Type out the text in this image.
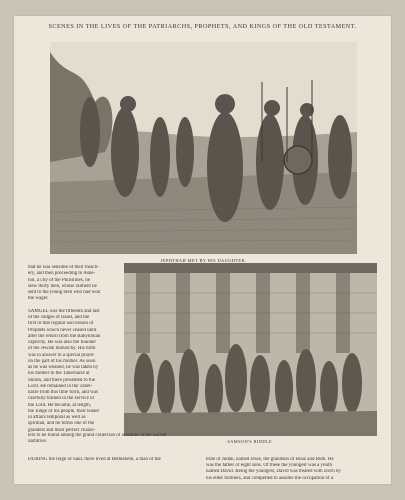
SCENES IN THE LIVES OF THE PATRIARCHS, PROPHETS, AND KINGS OF THE OLD TESTAMENT.
JEPHTHAH MET BY HIS DAUGHTER.
SAMSON'S RIDDLE.
that he was sensible of their treach-
ery, and then proceeding to Aske-
lon, a city of the Philistines, he
slew thirty men, whose raiment he
sent to the young men who had won
the wager.

SAMUEL was the fifteenth and last
of the Judges of Israel, and the
first in that regular succession of
Prophets which never ceased until
after the return from the Babylonian
captivity. He was also the founder
of the Jewish monarchy. His birth
was in answer to a special prayer
on the part of his mother. As soon
as he was weaned, he was taken by
his mother to the Tabernacle at
Shiloh, and there presented to the
Lord. He remained in the Taber-
nacle from this time forth, and was
carefully trained in the service of
the Lord. He became, at length,
the Judge of his people, their leader
in affairs temporal as well as
spiritual, and he forms one of the
grandest and most perfect charac-
ters to be found among the grand collection of worthies in the Sacred
narrative.
DURING the reign of Saul, there lived at Bethlehem, a man of the	tribe of Judah, named Jesse, the grandson of Boaz and Ruth. He
was the father of eight sons. Of these the youngest was a youth
named David. Being the youngest, David was treated with scorn by
his elder brothers, and compelled to assume the occupation of a
